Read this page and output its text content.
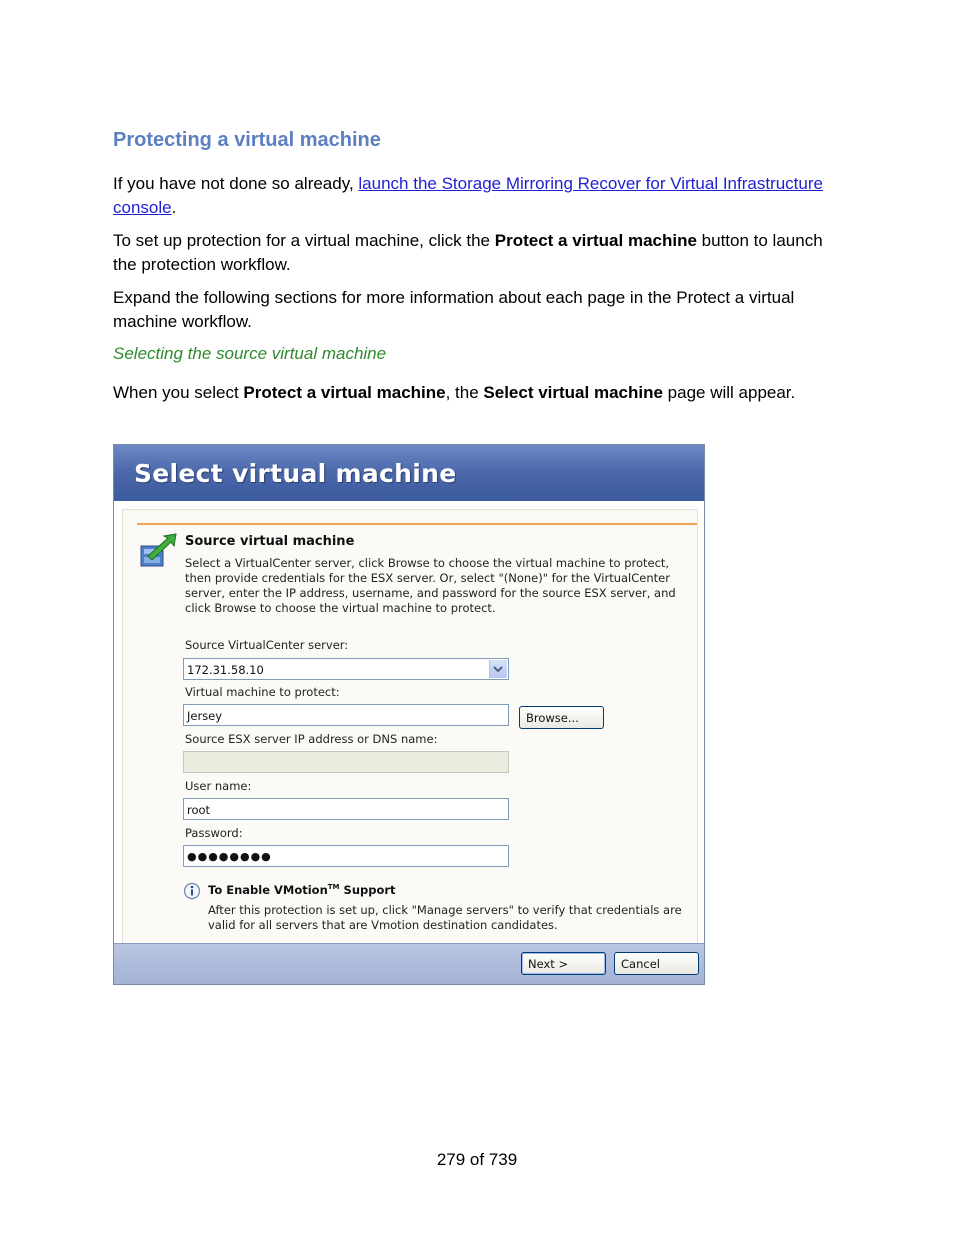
Protecting a virtual machine
If you have not done so already, launch the Storage Mirroring Recover for Virtual Infrastructure console.
To set up protection for a virtual machine, click the Protect a virtual machine button to launch the protection workflow.
Expand the following sections for more information about each page in the Protect a virtual machine workflow.
Selecting the source virtual machine
When you select Protect a virtual machine, the Select virtual machine page will appear.
Select virtual machine
Source virtual machine
Select a VirtualCenter server, click Browse to choose the virtual machine to protect, then provide credentials for the ESX server. Or, select "(None)" for the VirtualCenter server, enter the IP address, username, and password for the source ESX server, and click Browse to choose the virtual machine to protect.
Source VirtualCenter server:
172.31.58.10
Virtual machine to protect:
Jersey	Browse...
Source ESX server IP address or DNS name:
User name:
root
Password:
●●●●●●●●
To Enable VMotion™ Support
After this protection is set up, click "Manage servers" to verify that credentials are valid for all servers that are Vmotion destination candidates.
Next >	Cancel
279 of 739
